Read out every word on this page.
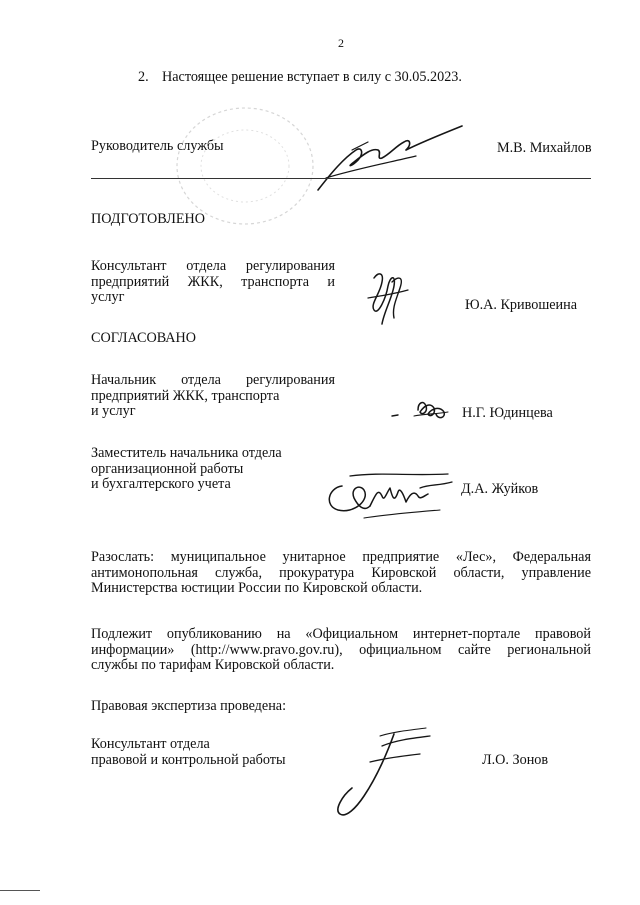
2
2. Настоящее решение вступает в силу с 30.05.2023.
Руководитель службы	М.В. Михайлов
ПОДГОТОВЛЕНО
Консультант отдела регулирования
предприятий ЖКК, транспорта и
услуг	Ю.А. Кривошеина
СОГЛАСОВАНО
Начальник отдела регулирования
предприятий ЖКК, транспорта
и услуг	Н.Г. Юдинцева
Заместитель начальника отдела
организационной работы
и бухгалтерского учета	Д.А. Жуйков
Разослать: муниципальное унитарное предприятие «Лес», Федеральная
антимонопольная служба, прокуратура Кировской области, управление
Министерства юстиции России по Кировской области.
Подлежит опубликованию на «Официальном интернет-портале правовой
информации» (http://www.pravo.gov.ru), официальном сайте региональной
службы по тарифам Кировской области.
Правовая экспертиза проведена:
Консультант отдела
правовой и контрольной работы	Л.О. Зонов
